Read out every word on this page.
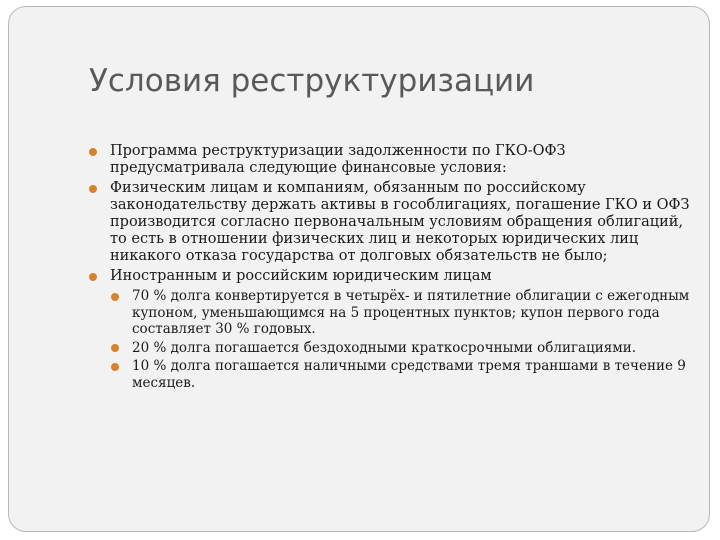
Условия реструктуризации
Программа реструктуризации задолженности по ГКО-ОФЗ предусматривала следующие финансовые условия:
Физическим лицам и компаниям, обязанным по российскому законодательству держать активы в гособлигациях, погашение ГКО и ОФЗ производится согласно первоначальным условиям обращения облигаций, то есть в отношении физических лиц и некоторых юридических лиц никакого отказа государства от долговых обязательств не было;
Иностранным и российским юридическим лицам
70 % долга конвертируется в четырёх- и пятилетние облигации с ежегодным купоном, уменьшающимся на 5 процентных пунктов; купон первого года составляет 30 % годовых.
20 % долга погашается бездоходными краткосрочными облигациями.
10 % долга погашается наличными средствами тремя траншами в течение 9 месяцев.
